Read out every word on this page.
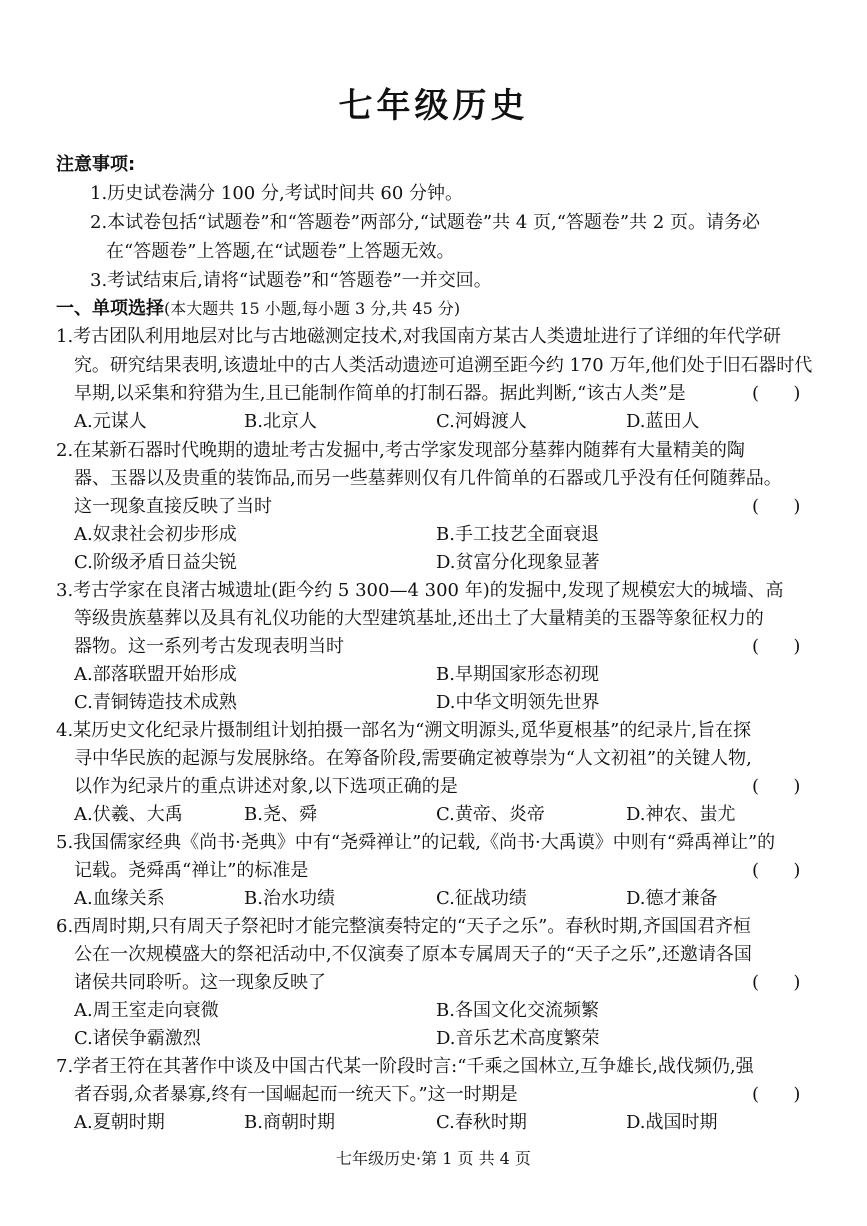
七年级历史
注意事项:
1.历史试卷满分 100 分,考试时间共 60 分钟。
2.本试卷包括“试题卷”和“答题卷”两部分,“试题卷”共 4 页,“答题卷”共 2 页。请务必
在“答题卷”上答题,在“试题卷”上答题无效。
3.考试结束后,请将“试题卷”和“答题卷”一并交回。
一、单项选择(本大题共 15 小题,每小题 3 分,共 45 分)
1.考古团队利用地层对比与古地磁测定技术,对我国南方某古人类遗址进行了详细的年代学研
究。研究结果表明,该遗址中的古人类活动遗迹可追溯至距今约 170 万年,他们处于旧石器时代
早期,以采集和狩猎为生,且已能制作简单的打制石器。据此判断,“该古人类”是	(      )
A.元谋人	B.北京人	C.河姆渡人	D.蓝田人
2.在某新石器时代晚期的遗址考古发掘中,考古学家发现部分墓葬内随葬有大量精美的陶
器、玉器以及贵重的装饰品,而另一些墓葬则仅有几件简单的石器或几乎没有任何随葬品。
这一现象直接反映了当时	(      )
A.奴隶社会初步形成	B.手工技艺全面衰退
C.阶级矛盾日益尖锐	D.贫富分化现象显著
3.考古学家在良渚古城遗址(距今约 5 300—4 300 年)的发掘中,发现了规模宏大的城墙、高
等级贵族墓葬以及具有礼仪功能的大型建筑基址,还出土了大量精美的玉器等象征权力的
器物。这一系列考古发现表明当时	(      )
A.部落联盟开始形成	B.早期国家形态初现
C.青铜铸造技术成熟	D.中华文明领先世界
4.某历史文化纪录片摄制组计划拍摄一部名为“溯文明源头,觅华夏根基”的纪录片,旨在探
寻中华民族的起源与发展脉络。在筹备阶段,需要确定被尊崇为“人文初祖”的关键人物,
以作为纪录片的重点讲述对象,以下选项正确的是	(      )
A.伏羲、大禹	B.尧、舜	C.黄帝、炎帝	D.神农、蚩尤
5.我国儒家经典《尚书·尧典》中有“尧舜禅让”的记载,《尚书·大禹谟》中则有“舜禹禅让”的
记载。尧舜禹“禅让”的标准是	(      )
A.血缘关系	B.治水功绩	C.征战功绩	D.德才兼备
6.西周时期,只有周天子祭祀时才能完整演奏特定的“天子之乐”。春秋时期,齐国国君齐桓
公在一次规模盛大的祭祀活动中,不仅演奏了原本专属周天子的“天子之乐”,还邀请各国
诸侯共同聆听。这一现象反映了	(      )
A.周王室走向衰微	B.各国文化交流频繁
C.诸侯争霸激烈	D.音乐艺术高度繁荣
7.学者王符在其著作中谈及中国古代某一阶段时言:“千乘之国林立,互争雄长,战伐频仍,强
者吞弱,众者暴寡,终有一国崛起而一统天下。”这一时期是	(      )
A.夏朝时期	B.商朝时期	C.春秋时期	D.战国时期
七年级历史·第 1 页 共 4 页
